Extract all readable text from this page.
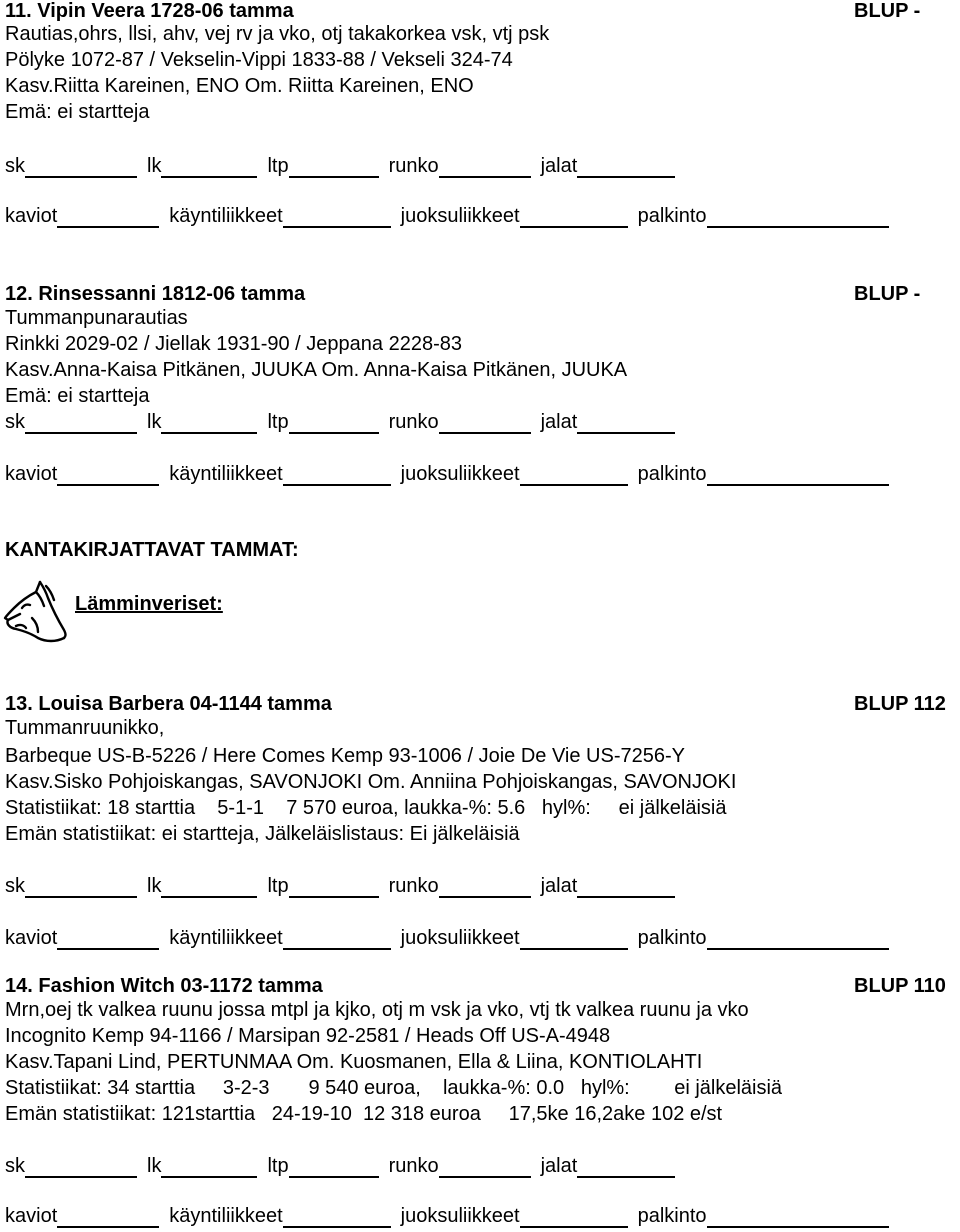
11. Vipin Veera 1728-06 tamma	BLUP -
Rautias,ohrs, llsi, ahv, vej rv ja vko, otj takakorkea vsk, vtj psk
Pölyke 1072-87 / Vekselin-Vippi 1833-88 / Vekseli 324-74
Kasv.Riitta Kareinen, ENO Om. Riitta Kareinen, ENO
Emä: ei startteja
sk	lk	ltp	runko	jalat
kaviot	käyntiliikkeet	juoksuliikkeet	palkinto
12. Rinsessanni 1812-06 tamma	BLUP -
Tummanpunarautias
Rinkki 2029-02 / Jiellak 1931-90 / Jeppana 2228-83
Kasv.Anna-Kaisa Pitkänen, JUUKA Om. Anna-Kaisa Pitkänen, JUUKA
Emä: ei startteja
sk	lk	ltp	runko	jalat
kaviot	käyntiliikkeet	juoksuliikkeet	palkinto
KANTAKIRJATTAVAT TAMMAT:
Lämminveriset:
13. Louisa Barbera 04-1144 tamma	BLUP 112
Tummanruunikko,
Barbeque US-B-5226 / Here Comes Kemp 93-1006 / Joie De Vie US-7256-Y
Kasv.Sisko Pohjoiskangas, SAVONJOKI Om. Anniina Pohjoiskangas, SAVONJOKI
Statistiikat: 18 starttia    5-1-1    7 570 euroa, laukka-%: 5.6   hyl%:     ei jälkeläisiä
Emän statistiikat: ei startteja, Jälkeläislistaus: Ei jälkeläisiä
sk	lk	ltp	runko	jalat
kaviot	käyntiliikkeet	juoksuliikkeet	palkinto
14. Fashion Witch 03-1172 tamma	BLUP 110
Mrn,oej tk valkea ruunu jossa mtpl ja kjko, otj m vsk ja vko, vtj tk valkea ruunu ja vko
Incognito Kemp 94-1166 / Marsipan 92-2581 / Heads Off US-A-4948
Kasv.Tapani Lind, PERTUNMAA Om. Kuosmanen, Ella & Liina, KONTIOLAHTI
Statistiikat: 34 starttia     3-2-3       9 540 euroa,    laukka-%: 0.0   hyl%:        ei jälkeläisiä
Emän statistiikat: 121starttia   24-19-10  12 318 euroa     17,5ke 16,2ake 102 e/st
sk	lk	ltp	runko	jalat
kaviot	käyntiliikkeet	juoksuliikkeet	palkinto
